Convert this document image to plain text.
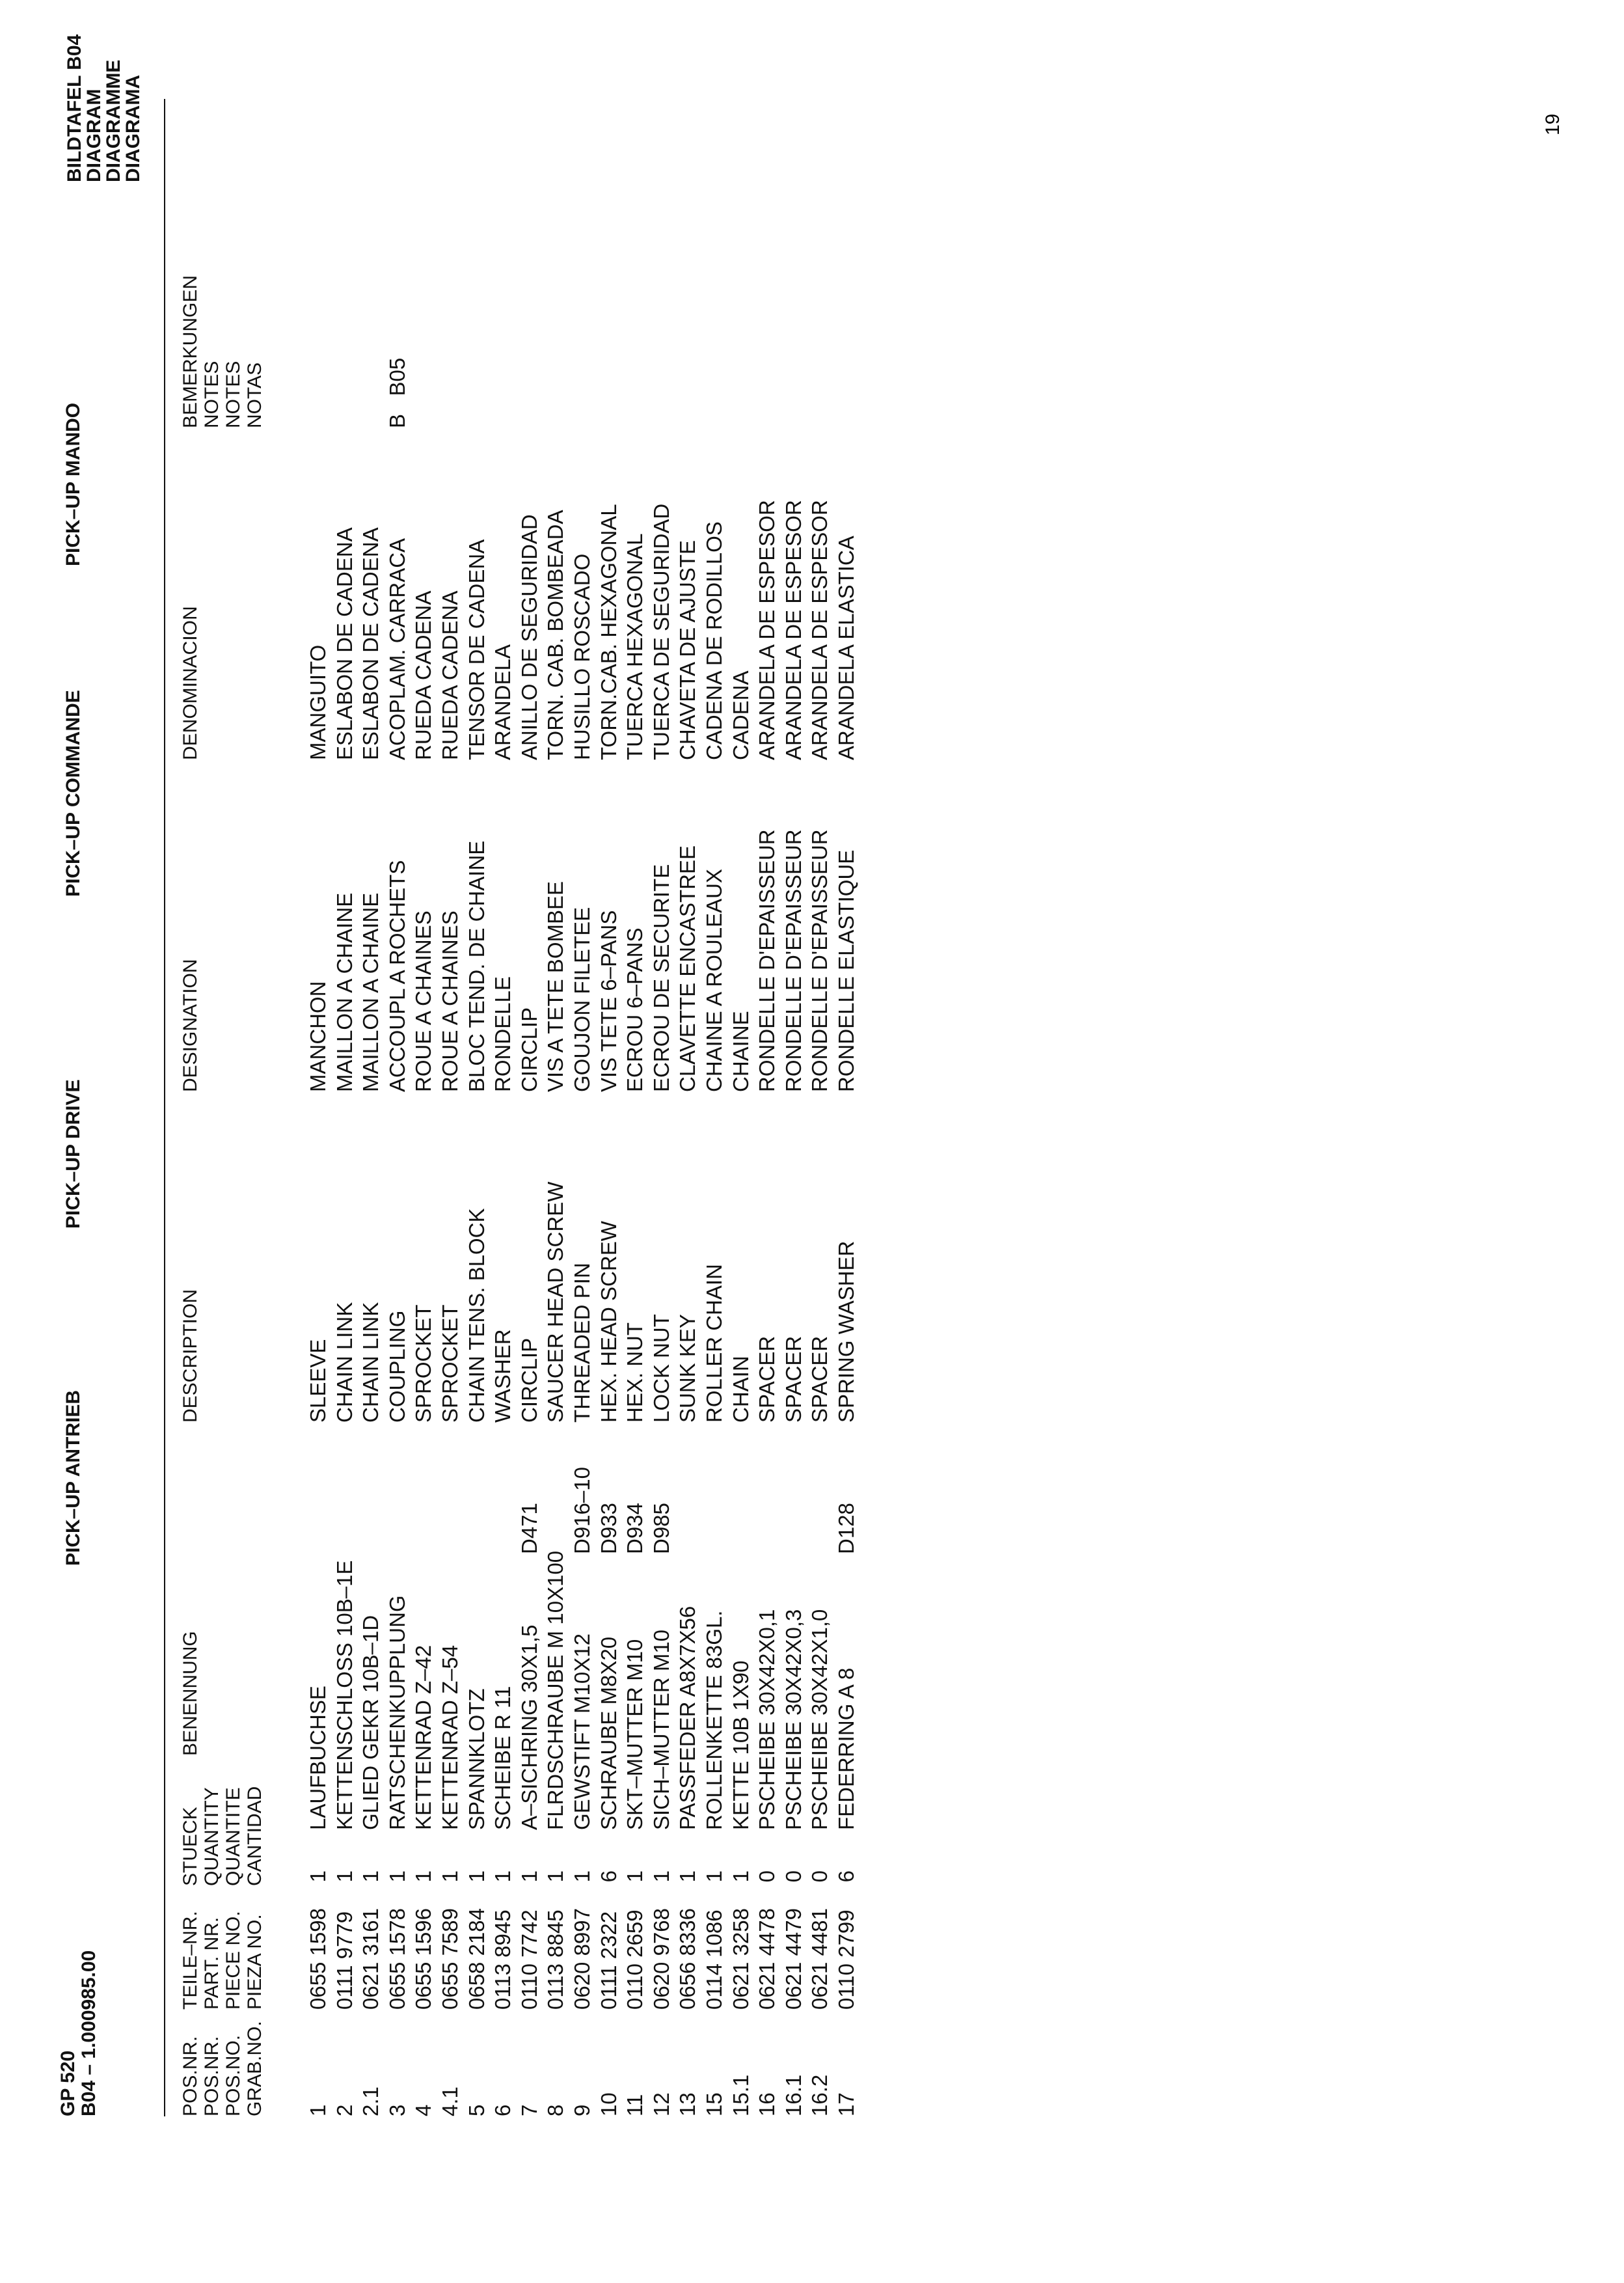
19
GP 520 B04 – 1.000985.00
PICK–UP ANTRIEB
PICK–UP DRIVE
PICK–UP COMMANDE
PICK–UP MANDO
BILDTAFEL B04
DIAGRAM
DIAGRAMME
DIAGRAMA
POS.NR. POS.NR. POS.NO. GRAB.NO.
TEILE–NR. PART. NR. PIECE NO. PIEZA NO.
STUECK QUANTITY QUANTITE CANTIDAD
BENENNUNG
DESCRIPTION
DESIGNATION
DENOMINACION
BEMERKUNGEN NOTES NOTES NOTAS
1
0655 1598
1
LAUFBUCHSE
SLEEVE
MANCHON
MANGUITO
2
0111 9779
1
KETTENSCHLOSS 10B–1E
CHAIN LINK
MAILLON A CHAINE
ESLABON DE CADENA
2.1
0621 3161
1
GLIED GEKR 10B–1D
CHAIN LINK
MAILLON A CHAINE
ESLABON DE CADENA
3
0655 1578
1
RATSCHENKUPPLUNG
COUPLING
ACCOUPL A ROCHETS
ACOPLAM. CARRACA
B   B05
4
0655 1596
1
KETTENRAD Z–42
SPROCKET
ROUE A CHAINES
RUEDA CADENA
4.1
0655 7589
1
KETTENRAD Z–54
SPROCKET
ROUE A CHAINES
RUEDA CADENA
5
0658 2184
1
SPANNKLOTZ
CHAIN TENS. BLOCK
BLOC TEND. DE CHAINE
TENSOR DE CADENA
6
0113 8945
1
SCHEIBE R 11
WASHER
RONDELLE
ARANDELA
7
0110 7742
1
A–SICHRING 30X1,5
D471
CIRCLIP
CIRCLIP
ANILLO DE SEGURIDAD
8
0113 8845
1
FLRDSCHRAUBE M 10X100
SAUCER HEAD SCREW
VIS A TETE BOMBEE
TORN. CAB. BOMBEADA
9
0620 8997
1
GEWSTIFT M10X12
D916–10
THREADED PIN
GOUJON FILETEE
HUSILLO ROSCADO
10
0111 2322
6
SCHRAUBE M8X20
D933
HEX. HEAD SCREW
VIS TETE 6–PANS
TORN.CAB. HEXAGONAL
11
0110 2659
1
SKT–MUTTER M10
D934
HEX. NUT
ECROU 6–PANS
TUERCA HEXAGONAL
12
0620 9768
1
SICH–MUTTER M10
D985
LOCK NUT
ECROU DE SECURITE
TUERCA DE SEGURIDAD
13
0656 8336
1
PASSFEDER A8X7X56
SUNK KEY
CLAVETTE ENCASTREE
CHAVETA DE AJUSTE
15
0114 1086
1
ROLLENKETTE 83GL.
ROLLER CHAIN
CHAINE A ROULEAUX
CADENA DE RODILLOS
15.1
0621 3258
1
KETTE 10B 1X90
CHAIN
CHAINE
CADENA
16
0621 4478
0
PSCHEIBE 30X42X0,1
SPACER
RONDELLE D'EPAISSEUR
ARANDELA DE ESPESOR
16.1
0621 4479
0
PSCHEIBE 30X42X0,3
SPACER
RONDELLE D'EPAISSEUR
ARANDELA DE ESPESOR
16.2
0621 4481
0
PSCHEIBE 30X42X1,0
SPACER
RONDELLE D'EPAISSEUR
ARANDELA DE ESPESOR
17
0110 2799
6
FEDERRING A 8
D128
SPRING WASHER
RONDELLE ELASTIQUE
ARANDELA ELASTICA
